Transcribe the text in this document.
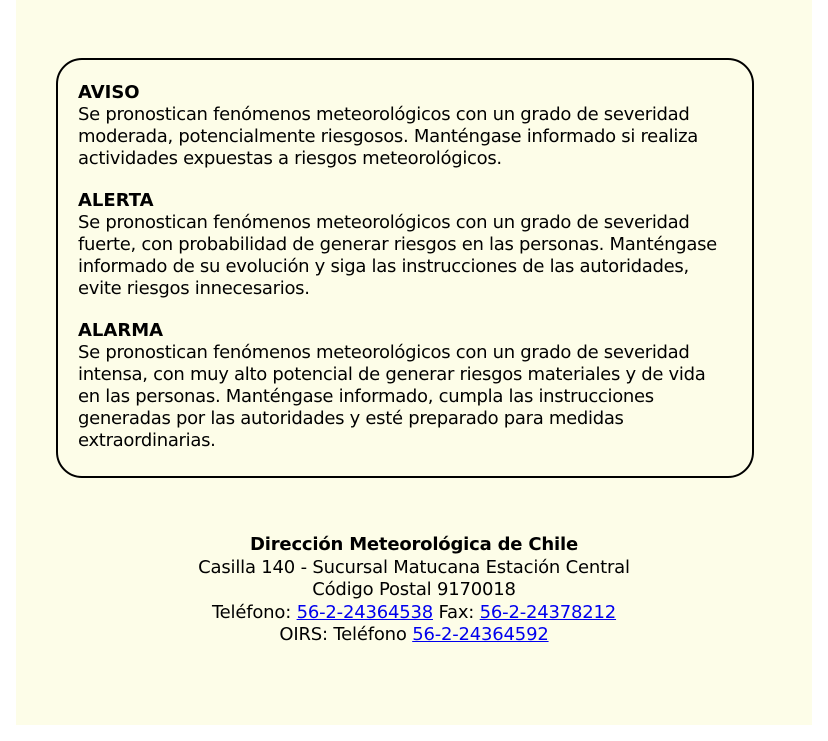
AVISO
Se pronostican fenómenos meteorológicos con un grado de severidad
moderada, potencialmente riesgosos. Manténgase informado si realiza
actividades expuestas a riesgos meteorológicos.
ALERTA
Se pronostican fenómenos meteorológicos con un grado de severidad
fuerte, con probabilidad de generar riesgos en las personas. Manténgase
informado de su evolución y siga las instrucciones de las autoridades,
evite riesgos innecesarios.
ALARMA
Se pronostican fenómenos meteorológicos con un grado de severidad
intensa, con muy alto potencial de generar riesgos materiales y de vida
en las personas. Manténgase informado, cumpla las instrucciones
generadas por las autoridades y esté preparado para medidas
extraordinarias.
Dirección Meteorológica de Chile
Casilla 140 - Sucursal Matucana Estación Central
Código Postal 9170018
Teléfono: 56-2-24364538 Fax: 56-2-24378212
OIRS: Teléfono 56-2-24364592
